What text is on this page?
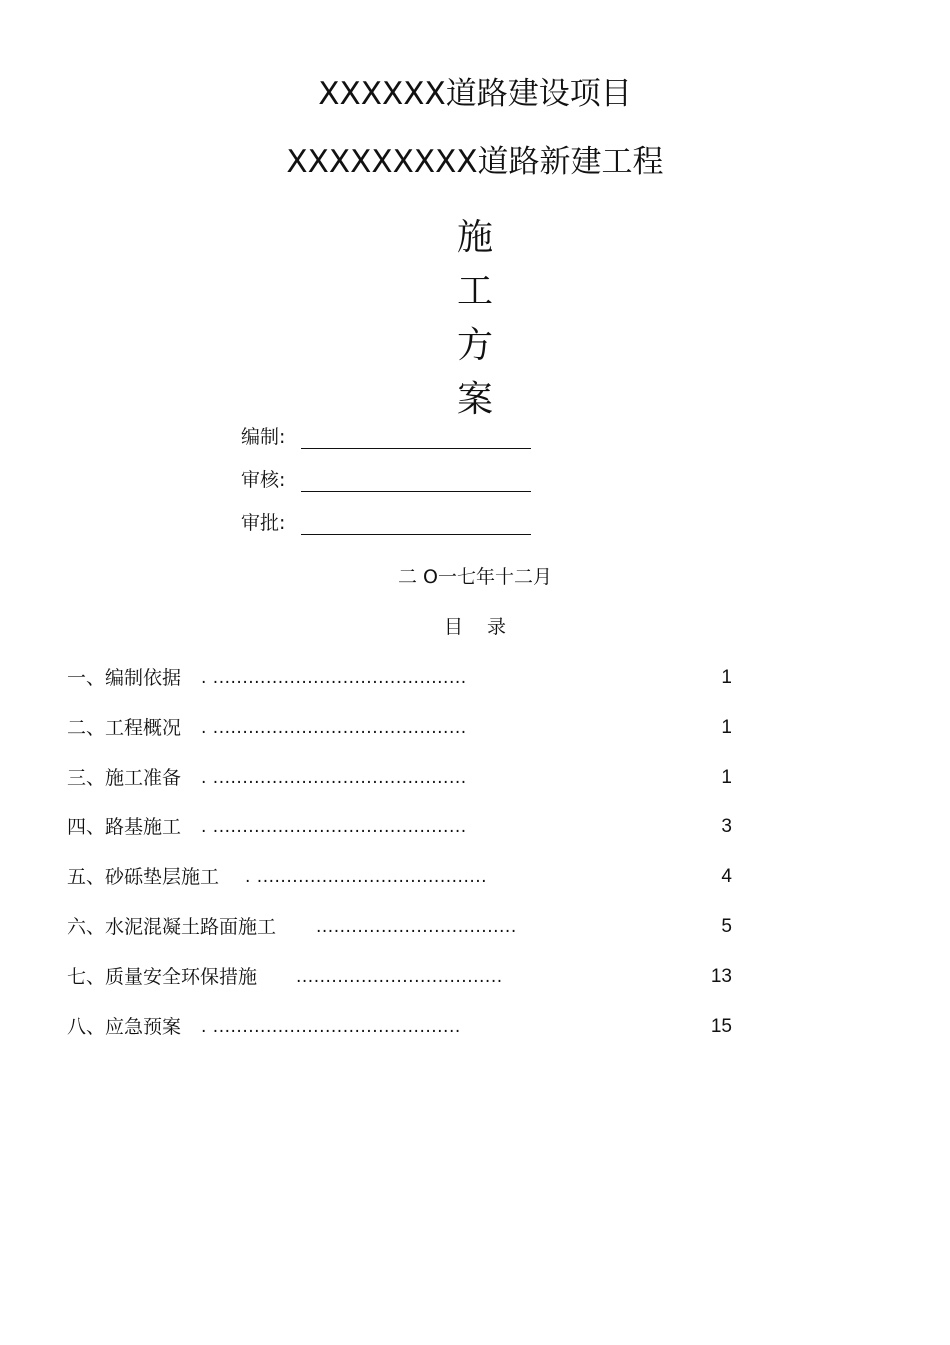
XXXXXX道路建设项目
XXXXXXXXX道路新建工程
施
工
方
案
编制:
审核:
审批:
二 O一七年十二月
目录
一、编制依据 . ...........................................	1
二、工程概况 . ...........................................	1
三、施工准备 . ...........................................	1
四、路基施工 . ...........................................	3
五、砂砾垫层施工 . .......................................	4
六、水泥混凝土路面施工 ..................................	5
七、质量安全环保措施 ...................................	13
八、应急预案 . ..........................................	15
